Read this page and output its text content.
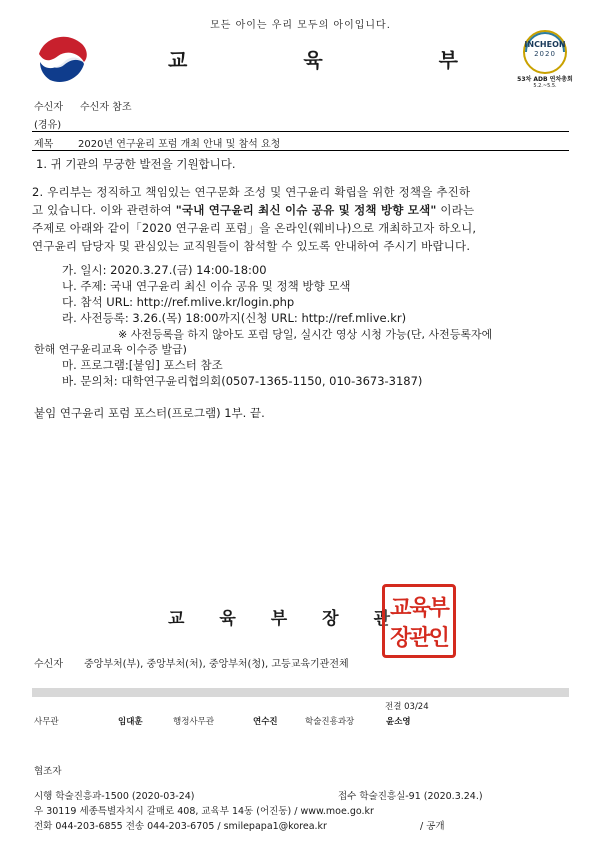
모든 아이는 우리 모두의 아이입니다.
교	육	부
INCHEON
2020
53차 ADB 연차총회
5.2.~5.5.
수신자 수신자 참조
(경유)
제목 2020년 연구윤리 포럼 개최 안내 및 참석 요청
1. 귀 기관의 무궁한 발전을 기원합니다.
2. 우리부는 정직하고 책임있는 연구문화 조성 및 연구윤리 확립을 위한 정책을 추진하
고 있습니다. 이와 관련하여 "국내 연구윤리 최신 이슈 공유 및 정책 방향 모색" 이라는
주제로 아래와 같이「2020 연구윤리 포럼」을 온라인(웨비나)으로 개최하고자 하오니,
연구윤리 담당자 및 관심있는 교직원들이 참석할 수 있도록 안내하여 주시기 바랍니다.
가. 일시: 2020.3.27.(금) 14:00-18:00
나. 주제: 국내 연구윤리 최신 이슈 공유 및 정책 방향 모색
다. 참석 URL: http://ref.mlive.kr/login.php
라. 사전등록: 3.26.(목) 18:00까지(신청 URL: http://ref.mlive.kr)
※ 사전등록을 하지 않아도 포럼 당일, 실시간 영상 시청 가능(단, 사전등록자에
한해 연구윤리교육 이수증 발급)
마. 프로그램:[붙임] 포스터 참조
바. 문의처: 대학연구윤리협의회(0507-1365-1150, 010-3673-3187)
붙임 연구윤리 포럼 포스터(프로그램) 1부. 끝.
교 육 부 장 관 교육부
장관인
수신자 중앙부처(부), 중앙부처(처), 중앙부처(청), 고등교육기관전체
전결 03/24
사무관	임대훈	행정사무관	연수진	학술진흥과장	윤소영
협조자
시행 학술진흥과-1500 (2020-03-24)	접수 학술진흥실-91 (2020.3.24.)
우 30119 세종특별자치시 갈매로 408, 교육부 14동 (어진동) / www.moe.go.kr
전화 044-203-6855 전송 044-203-6705 / smilepapa1@korea.kr	/ 공개
